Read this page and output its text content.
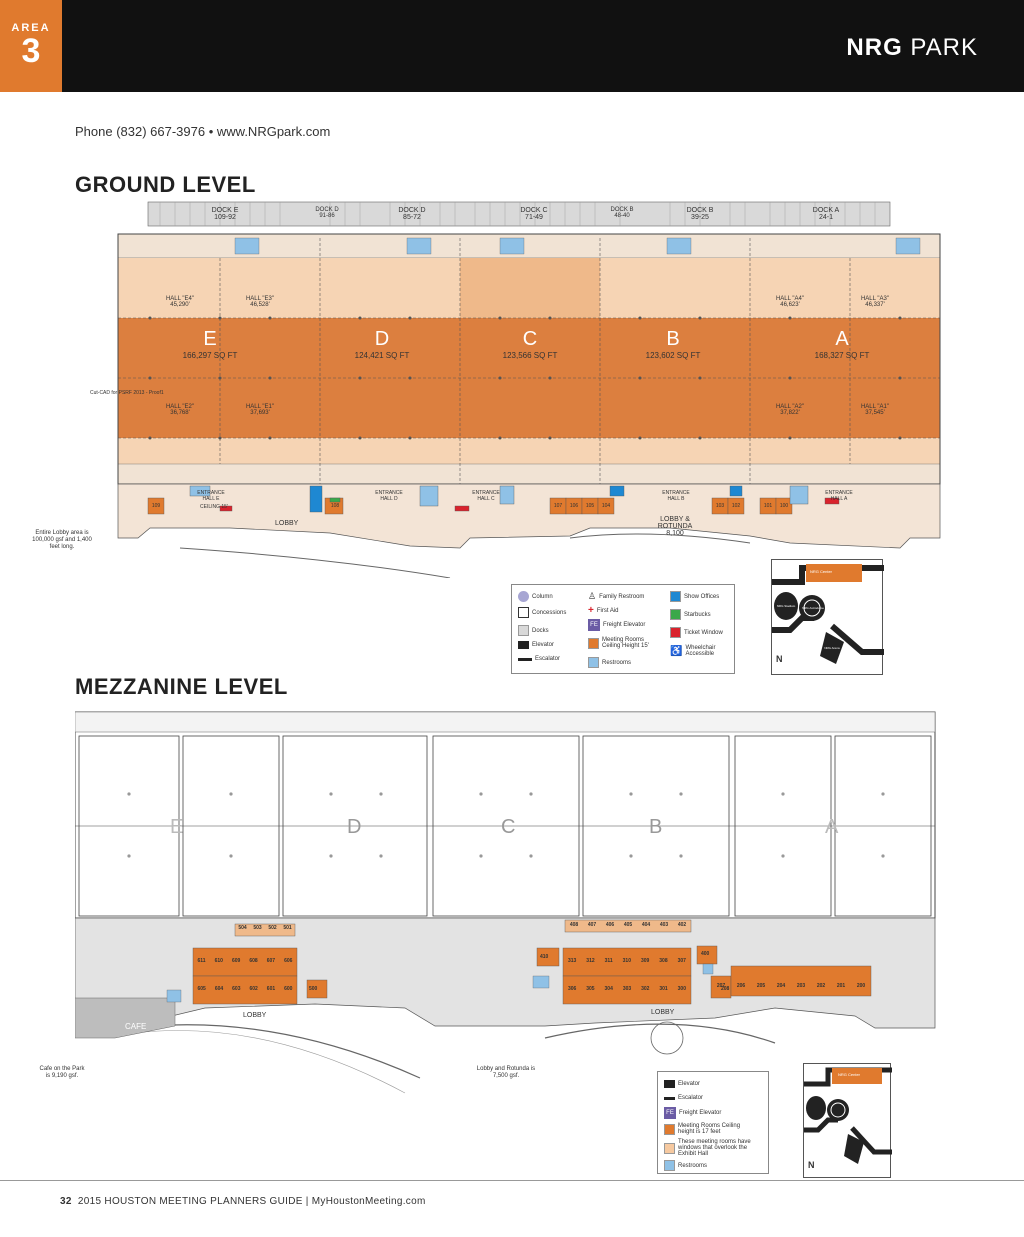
AREA
3	NRG PARK
Phone (832) 667-3976 • www.NRGpark.com
GROUND LEVEL
DOCK E
109-92
DOCK D
91-86
DOCK D
85-72
DOCK C
71-49
DOCK B
48-40
DOCK B
39-25
DOCK A
24-1
HALL "E4"
45,290'
HALL "E3"
46,528'
HALL "A4"
46,623'
HALL "A3"
46,337'
HALL "E2"
36,768'
HALL "E1"
37,693'
HALL "A2"
37,822'
HALL "A1"
37,545'
E
166,297 SQ FT
D
124,421 SQ FT
C
123,566 SQ FT
B
123,602 SQ FT
A
168,327 SQ FT
Cut-CAD for PSRF 2013 - Proof1
ENTRANCE HALL E
ENTRANCE HALL D
ENTRANCE HALL C
ENTRANCE HALL B
ENTRANCE HALL A
108	107	106	105	104	103	102	101	100
109
LOBBY
LOBBY & ROTUNDA
8,100
CEILING 15'
Entire Lobby area is 100,000 gsf and 1,400 feet long.
Column
Concessions
Docks
Elevator
Escalator
♙ Family Restroom
+ First Aid
FE Freight Elevator
Meeting Rooms Ceiling Height 15'
Restrooms
Show Offices
Starbucks
Ticket Window
♿ Wheelchair Accessible
NRG Center
NRG Stadium	NRG Astrodome
NRG Arena
N
MEZZANINE LEVEL
E	D	C	B	A
504 503 502 501
611 610 609 608 607 606
605 604 603 602 601 600
408 407 406 405 404 403 402
313 312 311 310 309 308 307
306 305 304 303 302 301 300	207 206 205 204 203 202 201 200
500
410	400
208
CAFE
LOBBY	LOBBY
Cafe on the Park is 9,190 gsf.
Lobby and Rotunda is 7,500 gsf.
Elevator
Escalator
FE Freight Elevator
Meeting Rooms Ceiling height is 17 feet
These meeting rooms have windows that overlook the Exhibit Hall
Restrooms
NRG Center
N
32 2015 HOUSTON MEETING PLANNERS GUIDE | MyHoustonMeeting.com
